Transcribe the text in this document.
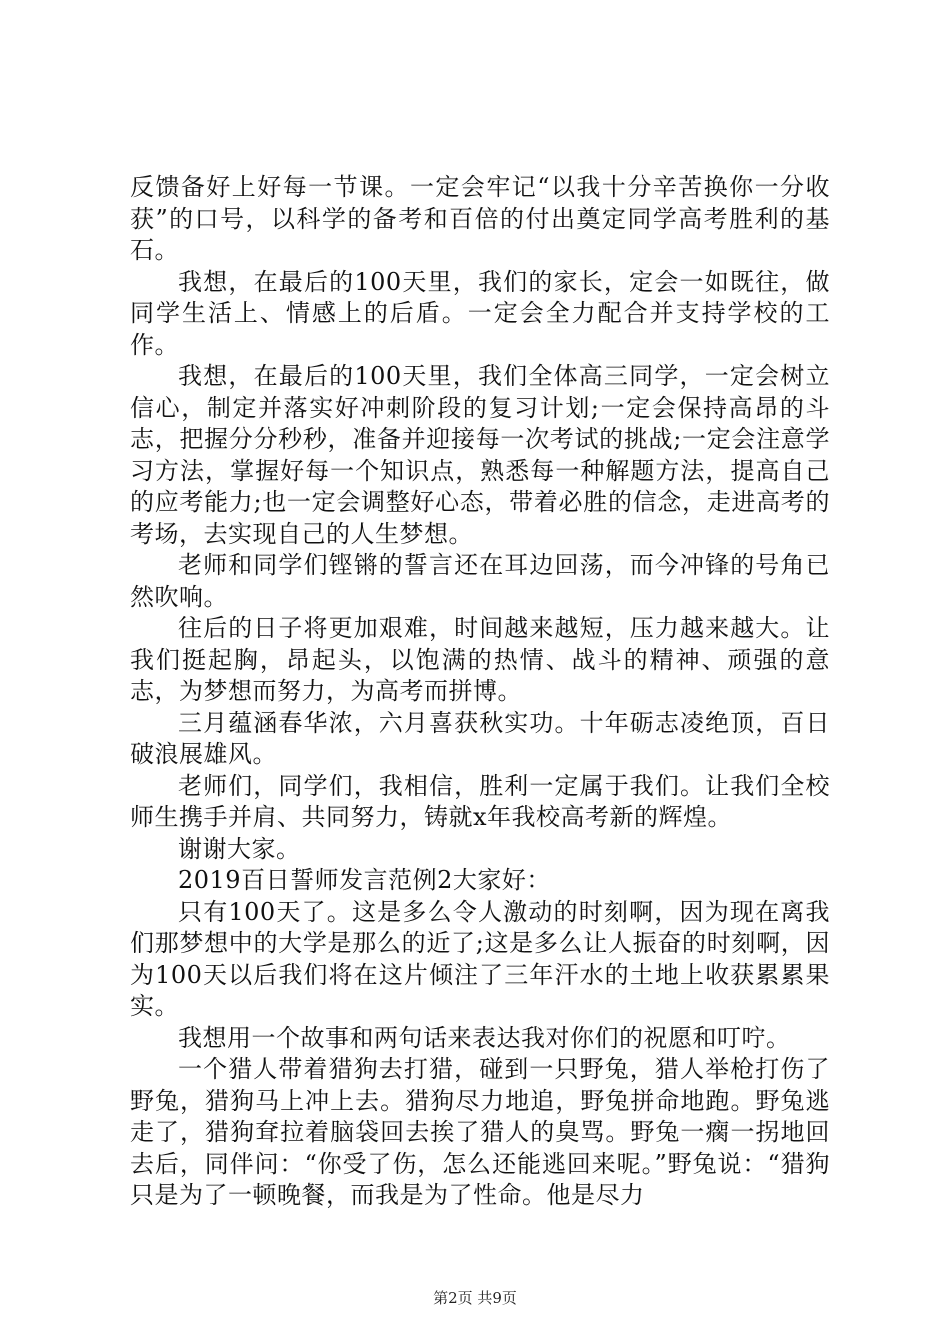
反馈备好上好每一节课。一定会牢记“以我十分辛苦换你一分收获”的口号，以科学的备考和百倍的付出奠定同学高考胜利的基石。

我想，在最后的100天里，我们的家长，定会一如既往，做同学生活上、情感上的后盾。一定会全力配合并支持学校的工作。

我想，在最后的100天里，我们全体高三同学，一定会树立信心，制定并落实好冲刺阶段的复习计划;一定会保持高昂的斗志，把握分分秒秒，准备并迎接每一次考试的挑战;一定会注意学习方法，掌握好每一个知识点，熟悉每一种解题方法，提高自己的应考能力;也一定会调整好心态，带着必胜的信念，走进高考的考场，去实现自己的人生梦想。

老师和同学们铿锵的誓言还在耳边回荡，而今冲锋的号角已然吹响。

往后的日子将更加艰难，时间越来越短，压力越来越大。让我们挺起胸，昂起头，以饱满的热情、战斗的精神、顽强的意志，为梦想而努力，为高考而拼博。

三月蕴涵春华浓，六月喜获秋实功。十年砺志凌绝顶，百日破浪展雄风。

老师们，同学们，我相信，胜利一定属于我们。让我们全校师生携手并肩、共同努力，铸就x年我校高考新的辉煌。

谢谢大家。

2019百日誓师发言范例2大家好：

只有100天了。这是多么令人激动的时刻啊，因为现在离我们那梦想中的大学是那么的近了;这是多么让人振奋的时刻啊，因为100天以后我们将在这片倾注了三年汗水的土地上收获累累果实。

我想用一个故事和两句话来表达我对你们的祝愿和叮咛。

一个猎人带着猎狗去打猎，碰到一只野兔，猎人举枪打伤了野兔，猎狗马上冲上去。猎狗尽力地追，野兔拼命地跑。野兔逃走了，猎狗耷拉着脑袋回去挨了猎人的臭骂。野兔一瘸一拐地回去后，同伴问：“你受了伤，怎么还能逃回来呢。”野兔说：“猎狗只是为了一顿晚餐，而我是为了性命。他是尽力

第2页 共9页
